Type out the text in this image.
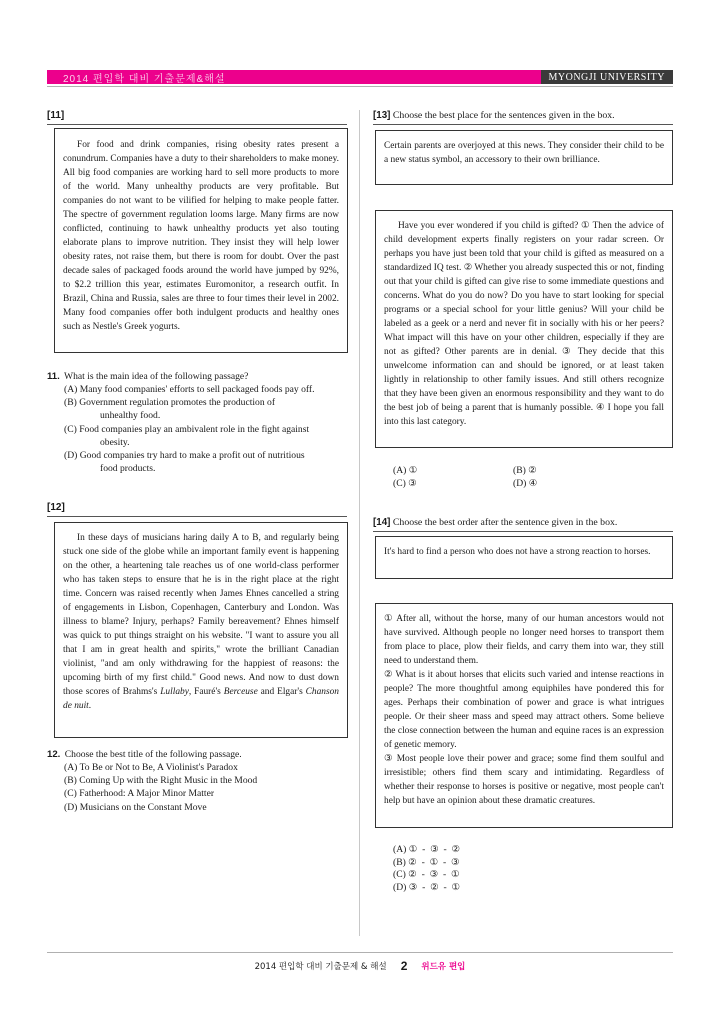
2014 편입학 대비 기출문제&해설	MYONGJI UNIVERSITY
[11]

For food and drink companies, rising obesity rates present a conundrum. Companies have a duty to their shareholders to make money. All big food companies are working hard to sell more products to more of the world. Many unhealthy products are very profitable. But companies do not want to be vilified for helping to make people fatter. The spectre of government regulation looms large. Many firms are now conflicted, continuing to hawk unhealthy products yet also touting elaborate plans to improve nutrition. They insist they will help lower obesity rates, not raise them, but there is room for doubt. Over the past decade sales of packaged foods around the world have jumped by 92%, to $2.2 trillion this year, estimates Euromonitor, a research outfit. In Brazil, China and Russia, sales are three to four times their level in 2002. Many food companies offer both indulgent products and healthy ones such as Nestle's Greek yogurts.

11. What is the main idea of the following passage?
(A) Many food companies' efforts to sell packaged foods pay off.
(B) Government regulation promotes the production of
unhealthy food.
(C) Food companies play an ambivalent role in the fight against
obesity.
(D) Good companies try hard to make a profit out of nutritious
food products.
[12]

In these days of musicians haring daily A to B, and regularly being stuck one side of the globe while an important family event is happening on the other, a heartening tale reaches us of one world-class performer who has taken steps to ensure that he is in the right place at the right time. Concern was raised recently when James Ehnes cancelled a string of engagements in Lisbon, Copenhagen, Canterbury and London. Was illness to blame? Injury, perhaps? Family bereavement? Ehnes himself was quick to put things straight on his website. "I want to assure you all that I am in great health and spirits," wrote the brilliant Canadian violinist, "and am only withdrawing for the happiest of reasons: the upcoming birth of my first child." Good news. And now to dust down those scores of Brahms's Lullaby, Fauré's Berceuse and Elgar's Chanson de nuit.

12. Choose the best title of the following passage.
(A) To Be or Not to Be, A Violinist's Paradox
(B) Coming Up with the Right Music in the Mood
(C) Fatherhood: A Major Minor Matter
(D) Musicians on the Constant Move
[13] Choose the best place for the sentences given in the box.
Certain parents are overjoyed at this news. They consider their child to be a new status symbol, an accessory to their own brilliance.

Have you ever wondered if you child is gifted? ① Then the advice of child development experts finally registers on your radar screen. Or perhaps you have just been told that your child is gifted as measured on a standardized IQ test. ② Whether you already suspected this or not, finding out that your child is gifted can give rise to some immediate questions and concerns. What do you do now? Do you have to start looking for special programs or a special school for your little genius? Will your child be labeled as a geek or a nerd and never fit in socially with his or her peers? What impact will this have on your other children, especially if they are not as gifted? Other parents are in denial. ③ They decide that this unwelcome information can and should be ignored, or at least taken lightly in relationship to other family issues. And still others recognize that they have been given an enormous responsibility and they want to do the best job of being a parent that is humanly possible. ④ I hope you fall into this last category.

(A) ①	(B) ②
(C) ③	(D) ④
[14] Choose the best order after the sentence given in the box.
It's hard to find a person who does not have a strong reaction to horses.
① After all, without the horse, many of our human ancestors would not have survived. Although people no longer need horses to transport them from place to place, plow their fields, and carry them into war, they still need to understand them.
② What is it about horses that elicits such varied and intense reactions in people? The more thoughtful among equiphiles have pondered this for ages. Perhaps their combination of power and grace is what intrigues people. Or their sheer mass and speed may attract others. Some believe the close connection between the human and equine races is an expression of genetic memory.
③ Most people love their power and grace; some find them soulful and irresistible; others find them scary and intimidating. Regardless of whether their response to horses is positive or negative, most people can't help but have an opinion about these dramatic creatures.
(A) ①  -  ③  -  ②
(B) ②  -  ①  -  ③
(C) ②  -  ③  -  ①
(D) ③  -  ②  -  ①
2014 편입학 대비 기출문제 & 해설 2 위드유 편입
